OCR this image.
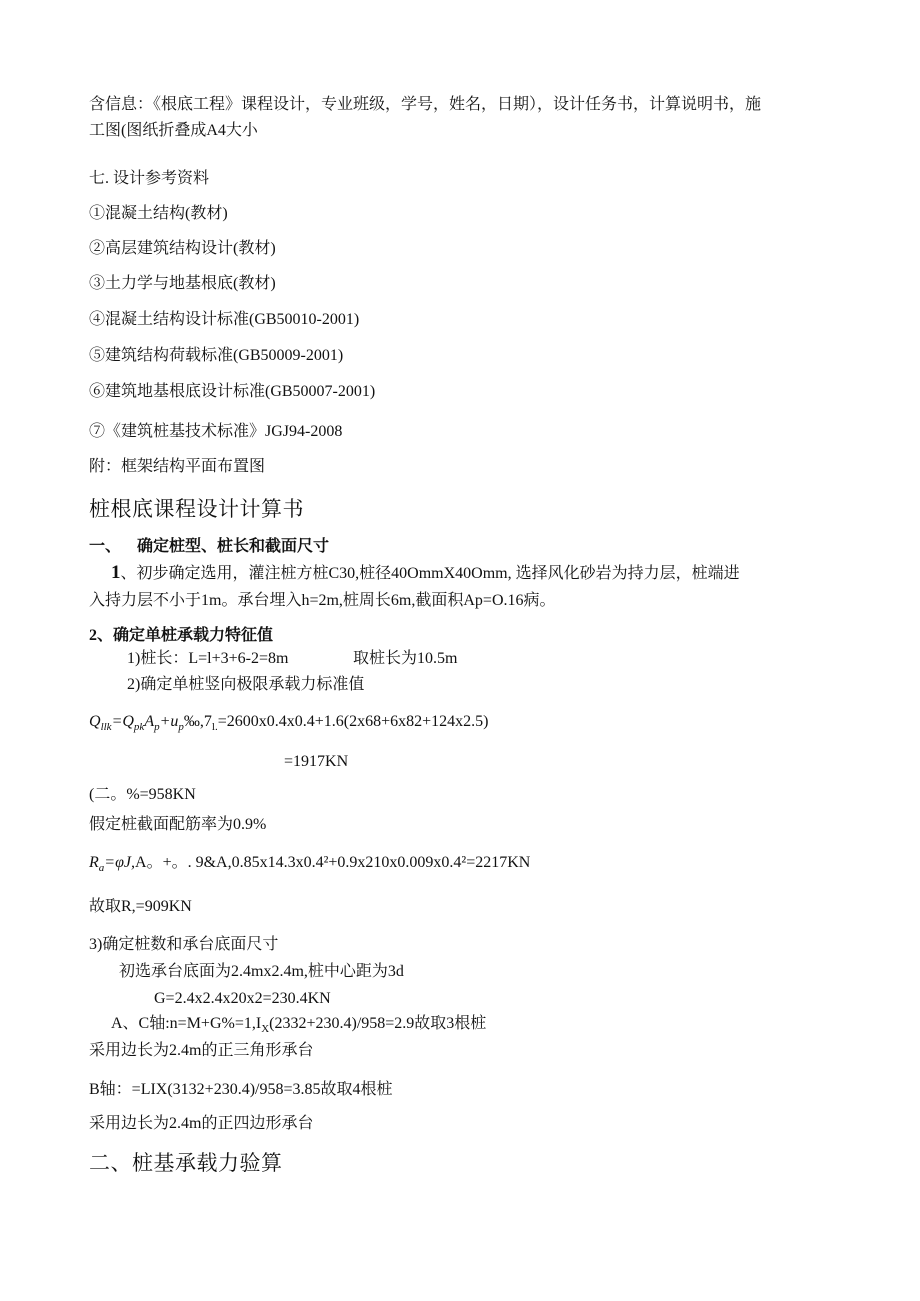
含信息：《根底工程》课程设计，专业班级，学号，姓名，日期），设计任务书，计算说明书，施
工图(图纸折叠成A4大小
七. 设计参考资料
①混凝土结构(教材)
②高层建筑结构设计(教材)
③土力学与地基根底(教材)
④混凝土结构设计标准(GB50010-2001)
⑤建筑结构荷载标准(GB50009-2001)
⑥建筑地基根底设计标准(GB50007-2001)
⑦《建筑桩基技术标准》JGJ94-2008
附：框架结构平面布置图
桩根底课程设计计算书
一、 确定桩型、桩长和截面尺寸
1、初步确定选用，灌注桩方桩C30,桩径40OmmX40Omm, 选择风化砂岩为持力层，桩端进
入持力层不小于1m。承台埋入h=2m,桩周长6m,截面积Ap=O.16病。
2、确定单桩承载力特征值
1)桩长：L=l+3+6-2=8m	取桩长为10.5m
2)确定单桩竖向极限承载力标准值
$Q_{llk}=Q_{pk}A_p+u_p‰,7_{l.}=2600x0.4x0.4+1.6(2x68+6x82+124x2.5)$
=1917KN
(二。%=958KN
假定桩截面配筋率为0.9%
$R_a=\varphi J,A$。+。. 9&A,0.85x14.3x0.4²+0.9x210x0.009x0.4²=2217KN
故取R,=909KN
3)确定桩数和承台底面尺寸
初选承台底面为2.4mx2.4m,桩中心距为3d
G=2.4x2.4x20x2=230.4KN
A、C轴$:n=M+G\%=1,I_X(2332+230.4)/958=2.9$故取3根桩
采用边长为2.4m的正三角形承台
B轴：=LIX(3132+230.4)/958=3.85故取4根桩
采用边长为2.4m的正四边形承台
二、桩基承载力验算
